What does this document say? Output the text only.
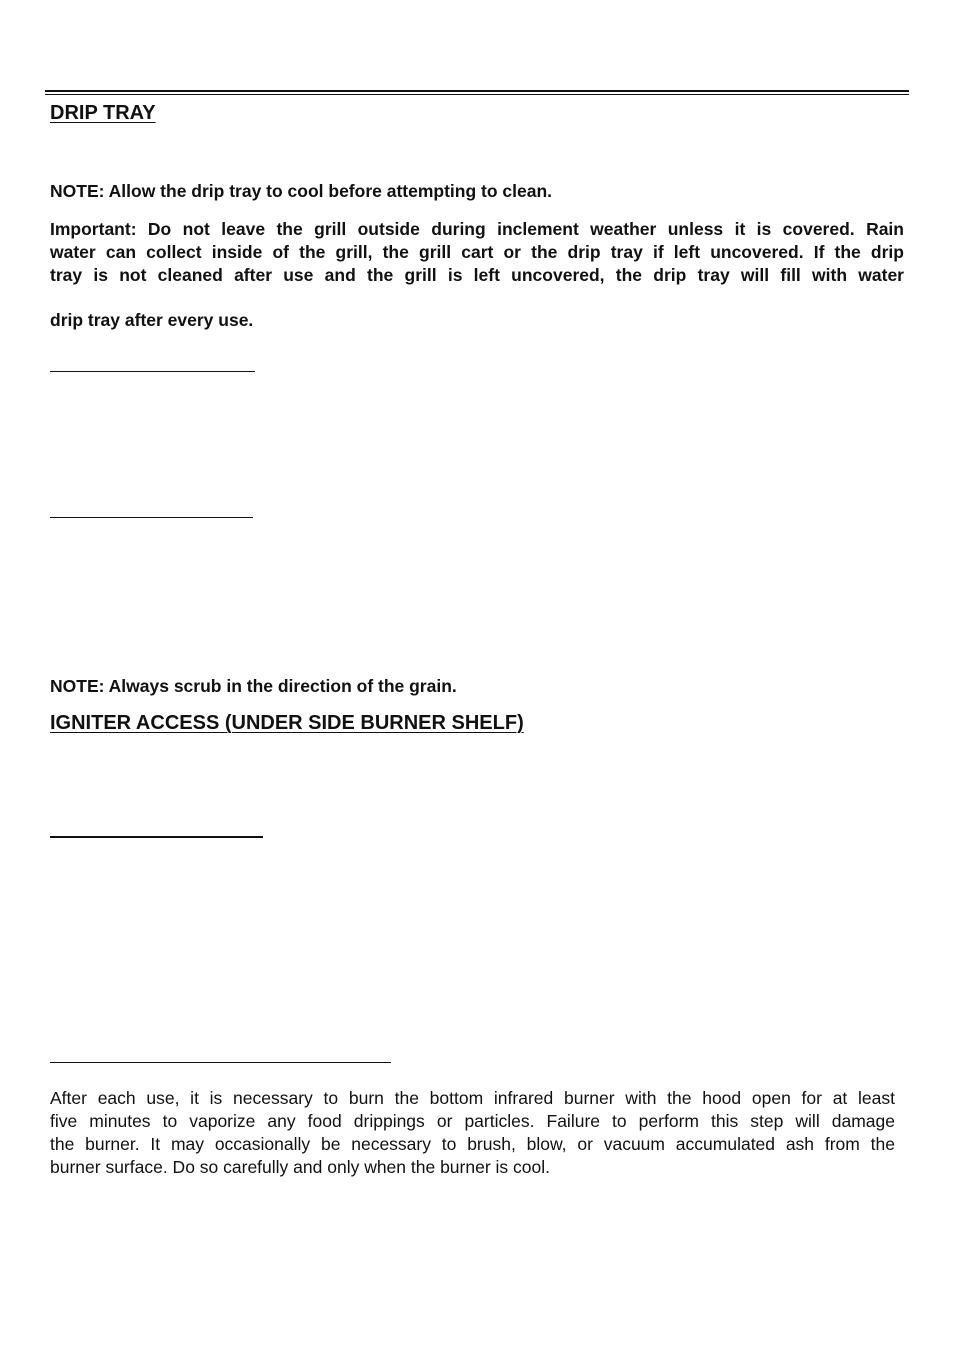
DRIP TRAY

NOTE: Allow the drip tray to cool before attempting to clean.

Important: Do not leave the grill outside during inclement weather unless it is covered. Rain
water can collect inside of the grill, the grill cart or the drip tray if left uncovered. If the drip
tray is not cleaned after use and the grill is left uncovered, the drip tray will fill with water

drip tray after every use.

NOTE: Always scrub in the direction of the grain.

IGNITER ACCESS (UNDER SIDE BURNER SHELF)
After each use, it is necessary to burn the bottom infrared burner with the hood open for at least
five minutes to vaporize any food drippings or particles. Failure to perform this step will damage
the burner. It may occasionally be necessary to brush, blow, or vacuum accumulated ash from the
burner surface. Do so carefully and only when the burner is cool.
